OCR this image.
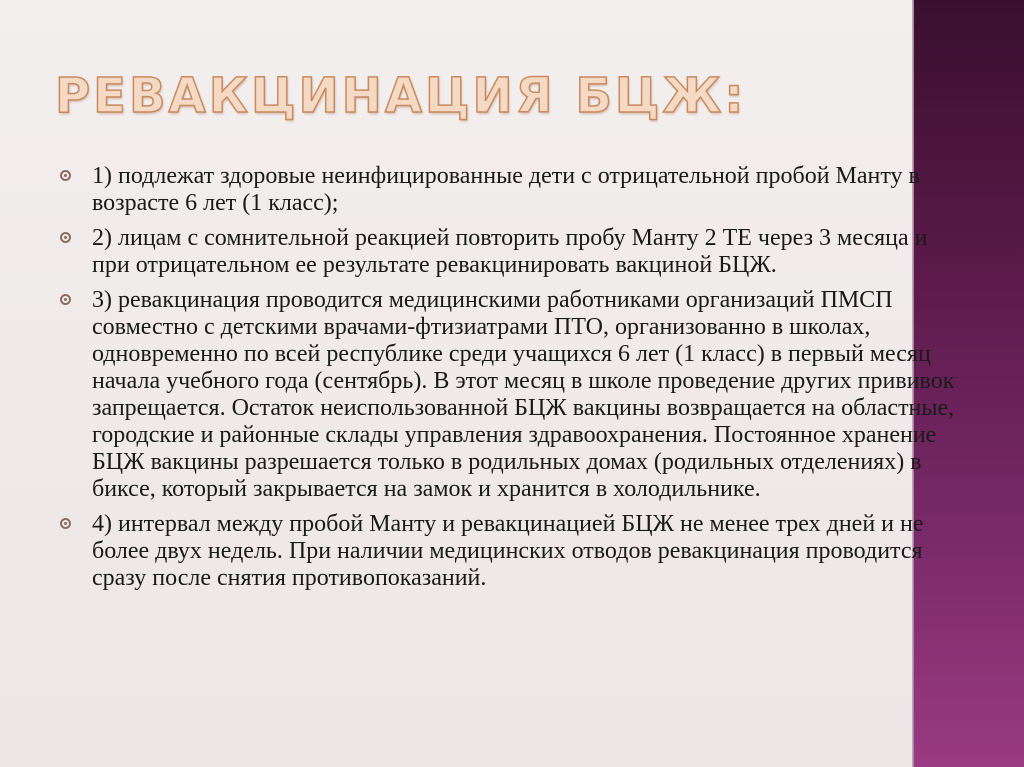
РЕВАКЦИНАЦИЯ БЦЖ:
1) подлежат здоровые неинфицированные дети с отрицательной пробой Манту в возрасте 6 лет (1 класс);
2) лицам с сомнительной реакцией повторить пробу Манту 2 ТЕ через 3 месяца и при отрицательном ее результате ревакцинировать вакциной БЦЖ.
3) ревакцинация проводится медицинскими работниками организаций ПМСП совместно с детскими врачами-фтизиатрами ПТО, организованно в школах, одновременно по всей республике среди учащихся 6 лет (1 класс) в первый месяц начала учебного года (сентябрь). В этот месяц в школе проведение других прививок запрещается. Остаток неиспользованной БЦЖ вакцины возвращается на областные, городские и районные склады управления здравоохранения. Постоянное хранение БЦЖ вакцины разрешается только в родильных домах (родильных отделениях) в биксе, который закрывается на замок и хранится в холодильнике.
4) интервал между пробой Манту и ревакцинацией БЦЖ не менее трех дней и не более двух недель. При наличии медицинских отводов ревакцинация проводится сразу после снятия противопоказаний.
